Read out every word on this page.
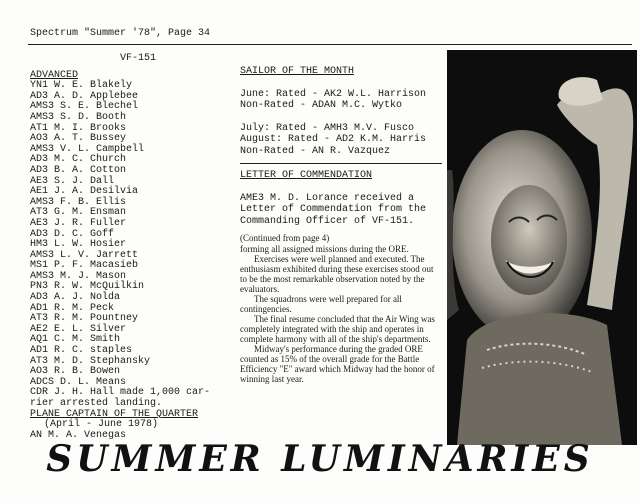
Spectrum "Summer '78", Page 34
VF-151
ADVANCED
YN1 W. E. Blakely
AD3 A. D. Applebee
AMS3 S. E. Blechel
AMS3 S. D. Booth
AT1 M. I. Brooks
AO3 A. T. Bussey
AMS3 V. L. Campbell
AD3 M. C. Church
AD3 B. A. Cotton
AE3 S. J. Dall
AE1 J. A. Desilvia
AMS3 F. B. Ellis
AT3 G. M. Ensman
AE3 J. R. Fuller
AD3 D. C. Goff
HM3 L. W. Hosier
AMS3 L. V. Jarrett
MS1 P. F. Macasieb
AMS3 M. J. Mason
PN3 R. W. McQuilkin
AD3 A. J. Nolda
AD1 R. M. Peck
AT3 R. M. Pountney
AE2 E. L. Silver
AQ1 C. M. Smith
AD1 R. C. staples
AT3 M. D. Stephansky
AO3 R. B. Bowen
ADCS D. L. Means
CDR J. H. Hall made 1,000 car-
rier arrested landing.
PLANE CAPTAIN OF THE QUARTER
(April - June 1978)
AN M. A. Venegas
SAILOR OF THE MONTH
June: Rated - AK2 W.L. Harrison
Non-Rated - ADAN M.C. Wytko
July: Rated - AMH3 M.V. Fusco
August: Rated - AD2 K.M. Harris
Non-Rated - AN R. Vazquez
LETTER OF COMMENDATION
AME3 M. D. Lorance received a Letter of Commendation from the Commanding Officer of VF-151.

(Continued from page 4)

forming all assigned missions during the ORE.

Exercises were well planned and executed. The enthusiasm exhibited during these exercises stood out to be the most remarkable observation noted by the evaluators.

The squadrons were well prepared for all contingencies.

The final resume concluded that the Air Wing was completely integrated with the ship and operates in complete harmony with all of the ship's departments.

Midway's performance during the graded ORE counted as 15% of the overall grade for the Battle Efficiency "E" award which Midway had the honor of winning last year.

SUMMER LUMINARIES
